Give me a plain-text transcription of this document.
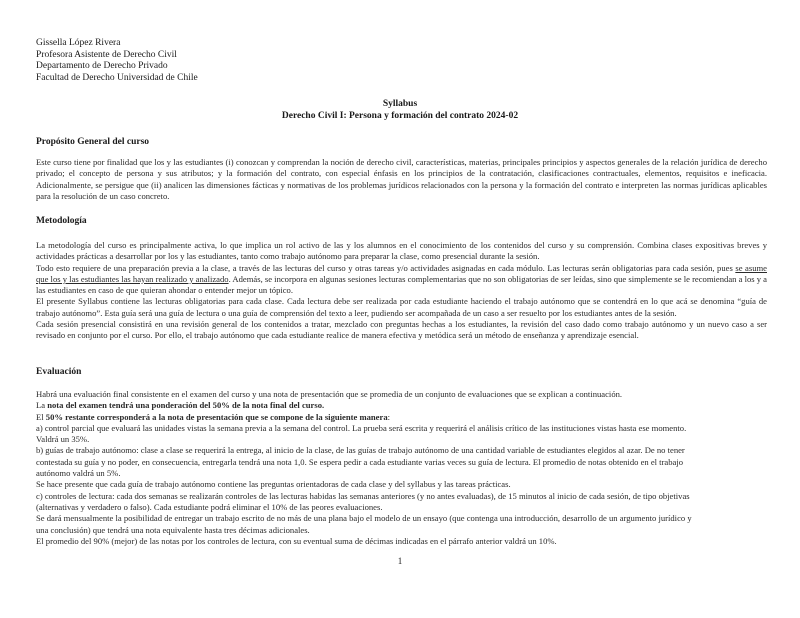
Gissella López Rivera
Profesora Asistente de Derecho Civil
Departamento de Derecho Privado
Facultad de Derecho Universidad de Chile
Syllabus
Derecho Civil I: Persona y formación del contrato 2024-02
Propósito General del curso

Este curso tiene por finalidad que los y las estudiantes (i) conozcan y comprendan la noción de derecho civil, características, materias, principales principios y aspectos generales de la relación jurídica de derecho privado; el concepto de persona y sus atributos; y la formación del contrato, con especial énfasis en los principios de la contratación, clasificaciones contractuales, elementos, requisitos e ineficacia. Adicionalmente, se persigue que (ii) analicen las dimensiones fácticas y normativas de los problemas jurídicos relacionados con la persona y la formación del contrato e interpreten las normas jurídicas aplicables para la resolución de un caso concreto.

Metodología

La metodología del curso es principalmente activa, lo que implica un rol activo de las y los alumnos en el conocimiento de los contenidos del curso y su comprensión. Combina clases expositivas breves y actividades prácticas a desarrollar por los y las estudiantes, tanto como trabajo autónomo para preparar la clase, como presencial durante la sesión.

Todo esto requiere de una preparación previa a la clase, a través de las lecturas del curso y otras tareas y/o actividades asignadas en cada módulo. Las lecturas serán obligatorias para cada sesión, pues se asume que los y las estudiantes las hayan realizado y analizado. Además, se incorpora en algunas sesiones lecturas complementarias que no son obligatorias de ser leídas, sino que simplemente se le recomiendan a los y a las estudiantes en caso de que quieran ahondar o entender mejor un tópico.

El presente Syllabus contiene las lecturas obligatorias para cada clase. Cada lectura debe ser realizada por cada estudiante haciendo el trabajo autónomo que se contendrá en lo que acá se denomina “guía de trabajo autónomo”. Esta guía será una guía de lectura o una guía de comprensión del texto a leer, pudiendo ser acompañada de un caso a ser resuelto por los estudiantes antes de la sesión.

Cada sesión presencial consistirá en una revisión general de los contenidos a tratar, mezclado con preguntas hechas a los estudiantes, la revisión del caso dado como trabajo autónomo y un nuevo caso a ser revisado en conjunto por el curso. Por ello, el trabajo autónomo que cada estudiante realice de manera efectiva y metódica será un método de enseñanza y aprendizaje esencial.

Evaluación

Habrá una evaluación final consistente en el examen del curso y una nota de presentación que se promedia de un conjunto de evaluaciones que se explican a continuación.

La nota del examen tendrá una ponderación del 50% de la nota final del curso.

El 50% restante corresponderá a la nota de presentación que se compone de la siguiente manera:

a) control parcial que evaluará las unidades vistas la semana previa a la semana del control. La prueba será escrita y requerirá el análisis crítico de las instituciones vistas hasta ese momento.

Valdrá un 35%.

b) guías de trabajo autónomo: clase a clase se requerirá la entrega, al inicio de la clase, de las guías de trabajo autónomo de una cantidad variable de estudiantes elegidos al azar. De no tener

contestada su guía y no poder, en consecuencia, entregarla tendrá una nota 1,0. Se espera pedir a cada estudiante varias veces su guía de lectura. El promedio de notas obtenido en el trabajo

autónomo valdrá un 5%.

Se hace presente que cada guía de trabajo autónomo contiene las preguntas orientadoras de cada clase y del syllabus y las tareas prácticas.

c) controles de lectura: cada dos semanas se realizarán controles de las lecturas habidas las semanas anteriores (y no antes evaluadas), de 15 minutos al inicio de cada sesión, de tipo objetivas

(alternativas y verdadero o falso). Cada estudiante podrá eliminar el 10% de las peores evaluaciones.

Se dará mensualmente la posibilidad de entregar un trabajo escrito de no más de una plana bajo el modelo de un ensayo (que contenga una introducción, desarrollo de un argumento jurídico y

una conclusión) que tendrá una nota equivalente hasta tres décimas adicionales.

El promedio del 90% (mejor) de las notas por los controles de lectura, con su eventual suma de décimas indicadas en el párrafo anterior valdrá un 10%.

1
